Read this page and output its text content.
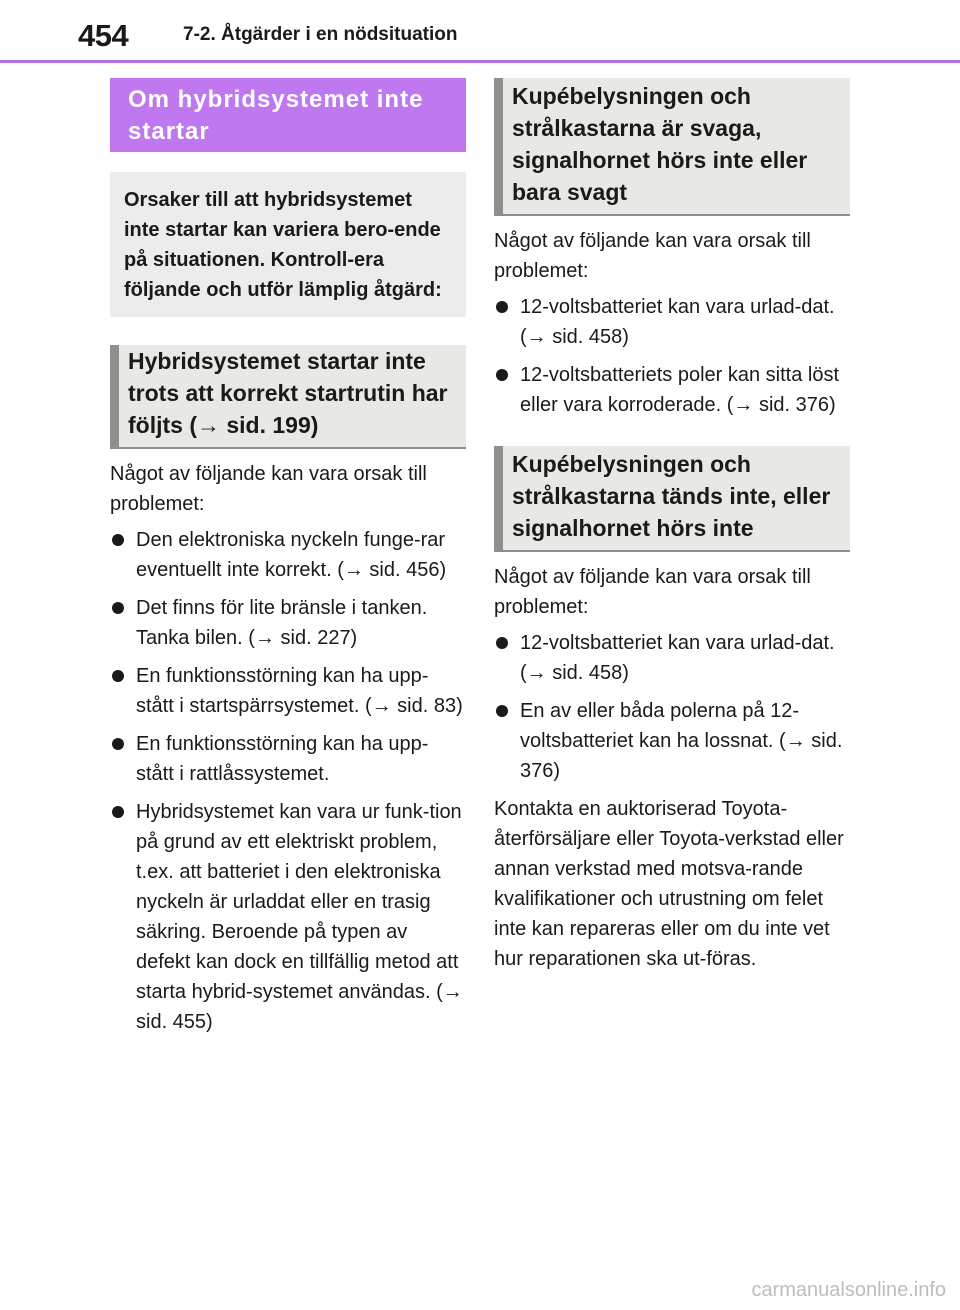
454	7-2. Åtgärder i en nödsituation
Om hybridsystemet inte startar
Orsaker till att hybridsystemet inte startar kan variera bero-ende på situationen. Kontroll-era följande och utför lämplig åtgärd:
Hybridsystemet startar inte trots att korrekt startrutin har följts (→ sid. 199)
Något av följande kan vara orsak till problemet:
Den elektroniska nyckeln funge-rar eventuellt inte korrekt. (→ sid. 456)
Det finns för lite bränsle i tanken. Tanka bilen. (→ sid. 227)
En funktionsstörning kan ha upp-stått i startspärrsystemet. (→ sid. 83)
En funktionsstörning kan ha upp-stått i rattlåssystemet.
Hybridsystemet kan vara ur funk-tion på grund av ett elektriskt problem, t.ex. att batteriet i den elektroniska nyckeln är urladdat eller en trasig säkring. Beroende på typen av defekt kan dock en tillfällig metod att starta hybrid-systemet användas. (→ sid. 455)
Kupébelysningen och strålkastarna är svaga, signalhornet hörs inte eller bara svagt
Något av följande kan vara orsak till problemet:
12-voltsbatteriet kan vara urlad-dat. (→ sid. 458)
12-voltsbatteriets poler kan sitta löst eller vara korroderade. (→ sid. 376)
Kupébelysningen och strålkastarna tänds inte, eller signalhornet hörs inte
Något av följande kan vara orsak till problemet:
12-voltsbatteriet kan vara urlad-dat. (→ sid. 458)
En av eller båda polerna på 12-voltsbatteriet kan ha lossnat. (→ sid. 376)
Kontakta en auktoriserad Toyota-återförsäljare eller Toyota-verkstad eller annan verkstad med motsva-rande kvalifikationer och utrustning om felet inte kan repareras eller om du inte vet hur reparationen ska ut-föras.
carmanualsonline.info
